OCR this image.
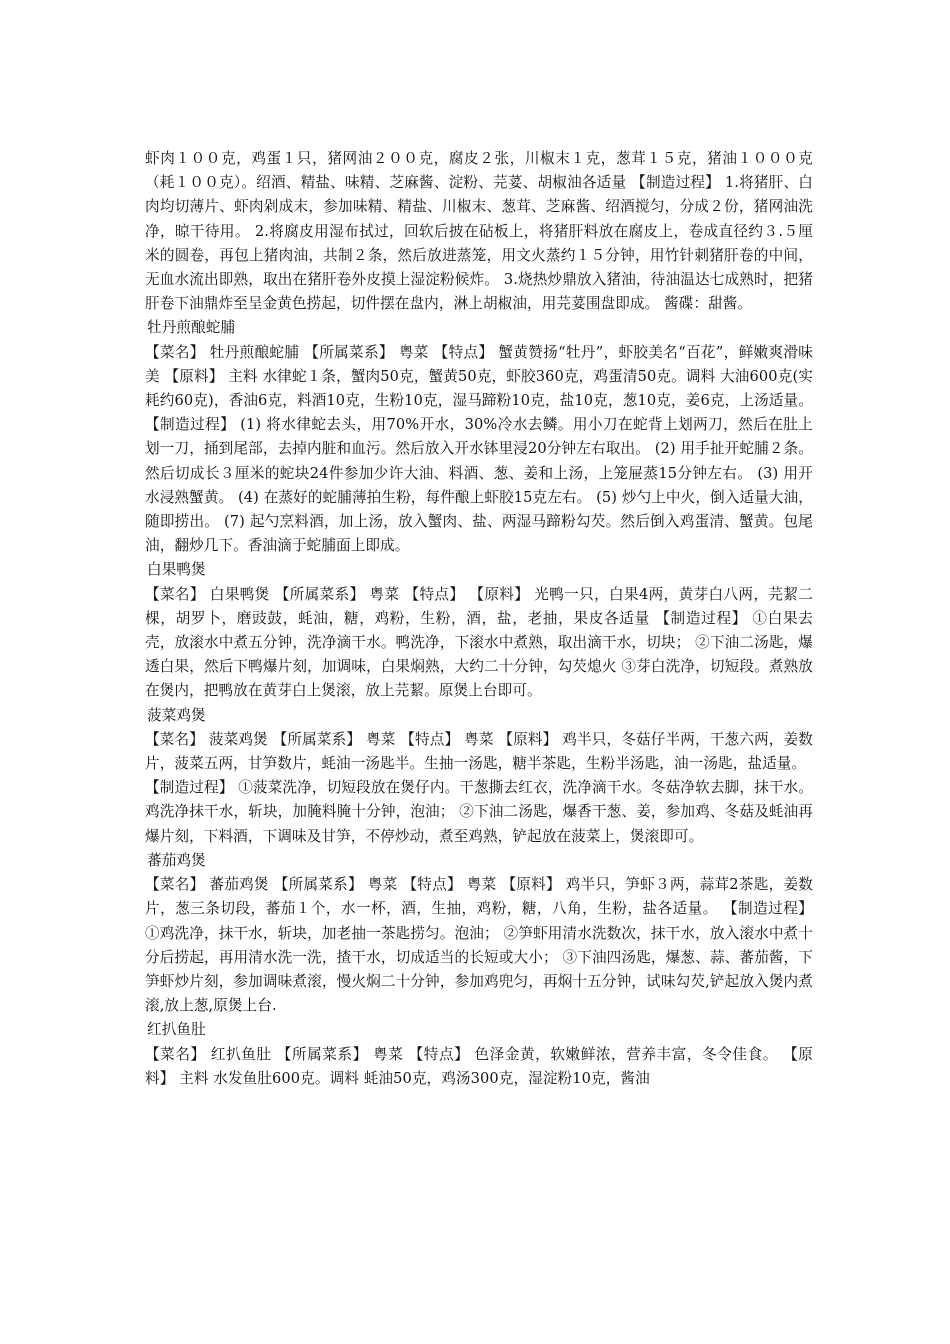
虾肉１００克，鸡蛋１只，猪网油２００克，腐皮２张，川椒末１克，葱茸１５克，猪油１０００克（耗１００克）。绍酒、精盐、味精、芝麻酱、淀粉、芫荽、胡椒油各适量 【制造过程】 1.将猪肝、白肉均切薄片、虾肉剁成末，参加味精、精盐、川椒末、葱茸、芝麻酱、绍酒搅匀，分成２份，猪网油洗净，晾干待用。 2.将腐皮用湿布拭过，回软后披在砧板上，将猪肝料放在腐皮上，卷成直径约３.５厘米的圆卷，再包上猪肉油，共制２条，然后放进蒸笼，用文火蒸约１５分钟，用竹针刺猪肝卷的中间，无血水流出即熟，取出在猪肝卷外皮摸上湿淀粉候炸。 3.烧热炒鼎放入猪油，待油温达七成熟时，把猪肝卷下油鼎炸至呈金黄色捞起，切件摆在盘内，淋上胡椒油，用芫荽围盘即成。 酱碟：甜酱。

牡丹煎酿蛇脯

【菜名】 牡丹煎酿蛇脯 【所属菜系】 粤菜 【特点】 蟹黄赞扬“牡丹”，虾胶美名“百花”，鲜嫩爽滑味美 【原料】 主料 水律蛇１条，蟹肉50克，蟹黄50克，虾胶360克，鸡蛋清50克。调料 大油600克(实耗约60克)，香油6克，料酒10克，生粉10克，湿马蹄粉10克，盐10克，葱10克，姜6克，上汤适量。 【制造过程】 (1) 将水律蛇去头，用70%开水，30%冷水去鳞。用小刀在蛇背上划两刀，然后在肚上划一刀，捅到尾部，去掉内脏和血污。然后放入开水钵里浸20分钟左右取出。 (2) 用手扯开蛇脯２条。然后切成长３厘米的蛇块24件参加少许大油、料酒、葱、姜和上汤，上笼屉蒸15分钟左右。 (3) 用开水浸熟蟹黄。 (4) 在蒸好的蛇脯薄拍生粉，每件酿上虾胶15克左右。 (5) 炒勺上中火，倒入适量大油，随即捞出。 (7) 起勺烹料酒，加上汤，放入蟹肉、盐、两湿马蹄粉勾芡。然后倒入鸡蛋清、蟹黄。包尾油，翻炒几下。香油滴于蛇脯面上即成。

白果鸭煲

【菜名】 白果鸭煲 【所属菜系】 粤菜 【特点】 【原料】 光鸭一只，白果4两，黄芽白八两，芫絜二棵，胡罗卜，磨豉鼓，蚝油，糖，鸡粉，生粉，酒，盐，老抽，果皮各适量 【制造过程】 ①白果去壳，放滚水中煮五分钟，洗净滴干水。鸭洗净，下滚水中煮熟，取出滴干水，切块； ②下油二汤匙，爆透白果，然后下鸭爆片刻，加调味，白果焖熟，大约二十分钟，勾芡熄火 ③芽白洗净，切短段。煮熟放在煲内，把鸭放在黄芽白上煲滚，放上芫絜。原煲上台即可。

菠菜鸡煲

【菜名】 菠菜鸡煲 【所属菜系】 粤菜 【特点】 粤菜 【原料】 鸡半只，冬菇仔半两，干葱六两，姜数片，菠菜五两，甘笋数片，蚝油一汤匙半。生抽一汤匙，糖半茶匙，生粉半汤匙，油一汤匙，盐适量。

【制造过程】 ①菠菜洗净，切短段放在煲仔内。干葱撕去红衣，洗净滴干水。冬菇净软去脚，抹干水。鸡洗净抹干水，斩块，加腌料腌十分钟，泡油； ②下油二汤匙，爆香干葱、姜，参加鸡、冬菇及蚝油再爆片刻，下料酒，下调味及甘笋，不停炒动，煮至鸡熟，铲起放在菠菜上，煲滚即可。

蕃茄鸡煲

【菜名】 蕃茄鸡煲 【所属菜系】 粤菜 【特点】 粤菜 【原料】 鸡半只，笋虾３两，蒜茸2茶匙，姜数片，葱三条切段，蕃茄１个，水一杯，酒，生抽，鸡粉，糖，八角，生粉，盐各适量。 【制造过程】 ①鸡洗净，抹干水，斩块，加老抽一茶匙捞匀。泡油； ②笋虾用清水洗数次，抹干水，放入滚水中煮十分后捞起，再用清水洗一洗，揸干水，切成适当的长短或大小； ③下油四汤匙，爆葱、蒜、蕃茄酱，下笋虾炒片刻，参加调味煮滚，慢火焖二十分钟，参加鸡兜匀，再焖十五分钟，试味勾芡,铲起放入煲内煮滚,放上葱,原煲上台.

红扒鱼肚

【菜名】 红扒鱼肚 【所属菜系】 粤菜 【特点】 色泽金黄，软嫩鲜浓，营养丰富，冬令佳食。 【原料】 主料 水发鱼肚600克。调料 蚝油50克，鸡汤300克，湿淀粉10克，酱油
